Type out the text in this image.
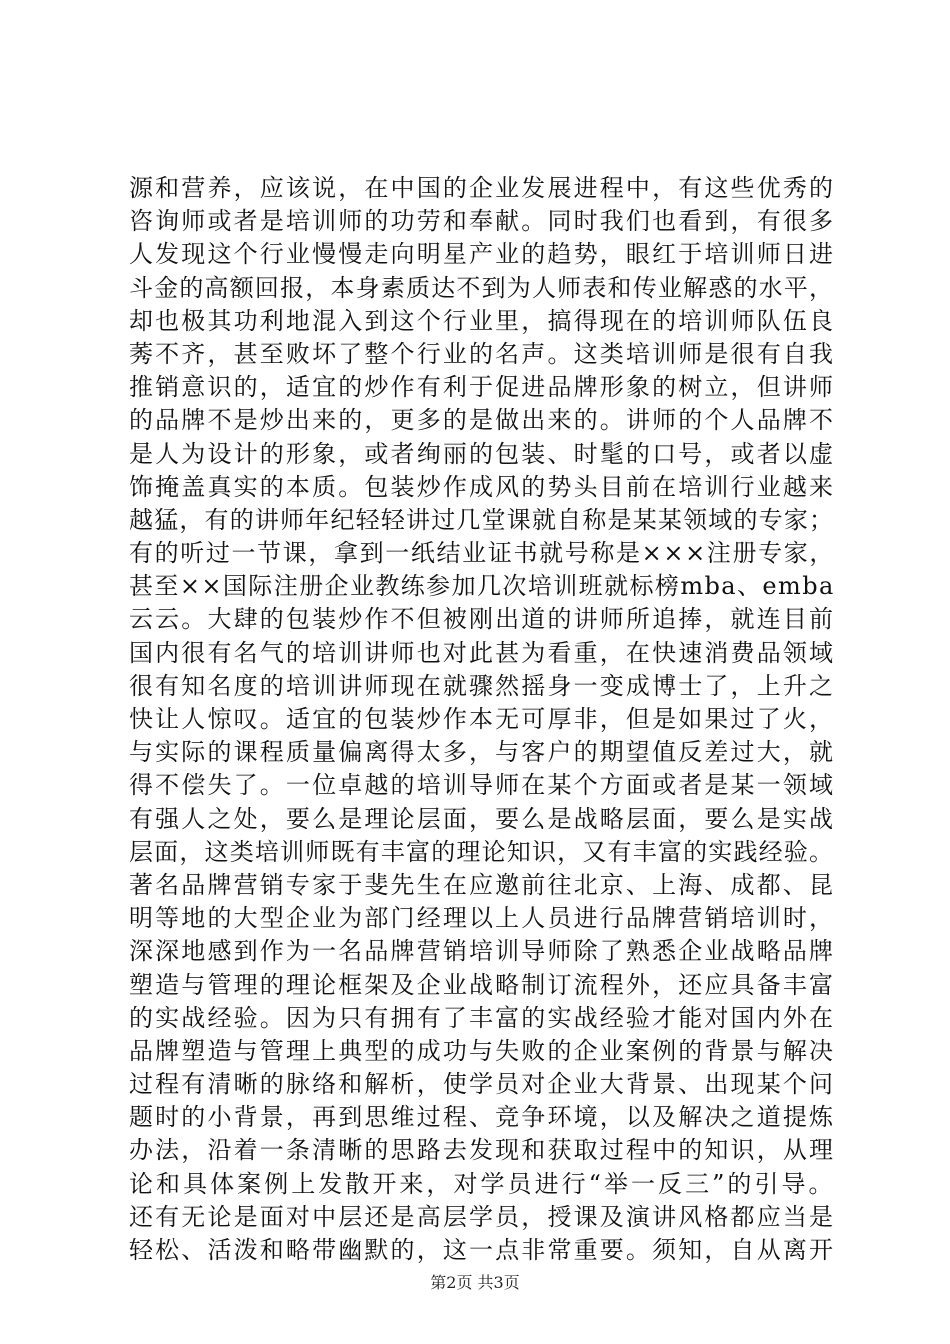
源和营养，应该说，在中国的企业发展进程中，有这些优秀的
咨询师或者是培训师的功劳和奉献。同时我们也看到，有很多
人发现这个行业慢慢走向明星产业的趋势，眼红于培训师日进
斗金的高额回报，本身素质达不到为人师表和传业解惑的水平，
却也极其功利地混入到这个行业里，搞得现在的培训师队伍良
莠不齐，甚至败坏了整个行业的名声。这类培训师是很有自我
推销意识的，适宜的炒作有利于促进品牌形象的树立，但讲师
的品牌不是炒出来的，更多的是做出来的。讲师的个人品牌不
是人为设计的形象，或者绚丽的包装、时髦的口号，或者以虚
饰掩盖真实的本质。包装炒作成风的势头目前在培训行业越来
越猛，有的讲师年纪轻轻讲过几堂课就自称是某某领域的专家；
有的听过一节课，拿到一纸结业证书就号称是×××注册专家，
甚至××国际注册企业教练参加几次培训班就标榜mba、emba
云云。大肆的包装炒作不但被刚出道的讲师所追捧，就连目前
国内很有名气的培训讲师也对此甚为看重，在快速消费品领域
很有知名度的培训讲师现在就骤然摇身一变成博士了，上升之
快让人惊叹。适宜的包装炒作本无可厚非，但是如果过了火，
与实际的课程质量偏离得太多，与客户的期望值反差过大，就
得不偿失了。一位卓越的培训导师在某个方面或者是某一领域
有强人之处，要么是理论层面，要么是战略层面，要么是实战
层面，这类培训师既有丰富的理论知识，又有丰富的实践经验。
著名品牌营销专家于斐先生在应邀前往北京、上海、成都、昆
明等地的大型企业为部门经理以上人员进行品牌营销培训时，
深深地感到作为一名品牌营销培训导师除了熟悉企业战略品牌
塑造与管理的理论框架及企业战略制订流程外，还应具备丰富
的实战经验。因为只有拥有了丰富的实战经验才能对国内外在
品牌塑造与管理上典型的成功与失败的企业案例的背景与解决
过程有清晰的脉络和解析，使学员对企业大背景、出现某个问
题时的小背景，再到思维过程、竞争环境，以及解决之道提炼
办法，沿着一条清晰的思路去发现和获取过程中的知识，从理
论和具体案例上发散开来，对学员进行“举一反三”的引导。
还有无论是面对中层还是高层学员，授课及演讲风格都应当是
轻松、活泼和略带幽默的，这一点非常重要。须知，自从离开
第2页 共3页
